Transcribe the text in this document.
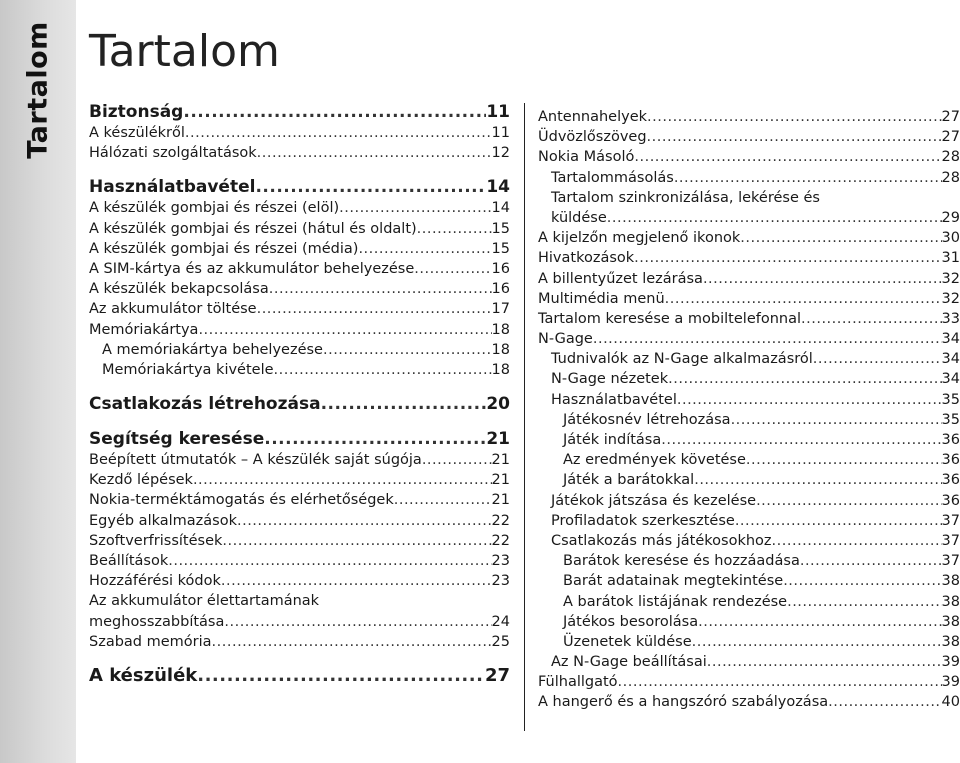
Tartalom Tartalom
Biztonság .....	11
A készülékről .....	11
Hálózati szolgáltatások .....	12
Használatbavétel .....	14
A készülék gombjai és részei (elöl) .....	14
A készülék gombjai és részei (hátul és oldalt) .....	15
A készülék gombjai és részei (média) .....	15
A SIM-kártya és az akkumulátor behelyezése .....	16
A készülék bekapcsolása .....	16
Az akkumulátor töltése .....	17
Memóriakártya .....	18
A memóriakártya behelyezése .....	18
Memóriakártya kivétele .....	18
Csatlakozás létrehozása .....	20
Segítség keresése .....	21
Beépített útmutatók – A készülék saját súgója .....	21
Kezdő lépések .....	21
Nokia-terméktámogatás és elérhetőségek .....	21
Egyéb alkalmazások .....	22
Szoftverfrissítések .....	22
Beállítások .....	23
Hozzáférési kódok .....	23
Az akkumulátor élettartamának
meghosszabbítása .....	24
Szabad memória .....	25
A készülék .....	27
Antennahelyek .....	27
Üdvözlőszöveg .....	27
Nokia Másoló .....	28
Tartalommásolás .....	28
Tartalom szinkronizálása, lekérése és
küldése .....	29
A kijelzőn megjelenő ikonok .....	30
Hivatkozások .....	31
A billentyűzet lezárása .....	32
Multimédia menü .....	32
Tartalom keresése a mobiltelefonnal .....	33
N-Gage .....	34
Tudnivalók az N-Gage alkalmazásról .....	34
N-Gage nézetek .....	34
Használatbavétel .....	35
Játékosnév létrehozása .....	35
Játék indítása .....	36
Az eredmények követése .....	36
Játék a barátokkal .....	36
Játékok játszása és kezelése .....	36
Profiladatok szerkesztése .....	37
Csatlakozás más játékosokhoz .....	37
Barátok keresése és hozzáadása .....	37
Barát adatainak megtekintése .....	38
A barátok listájának rendezése .....	38
Játékos besorolása .....	38
Üzenetek küldése .....	38
Az N-Gage beállításai .....	39
Fülhallgató .....	39
A hangerő és a hangszóró szabályozása .....	40
